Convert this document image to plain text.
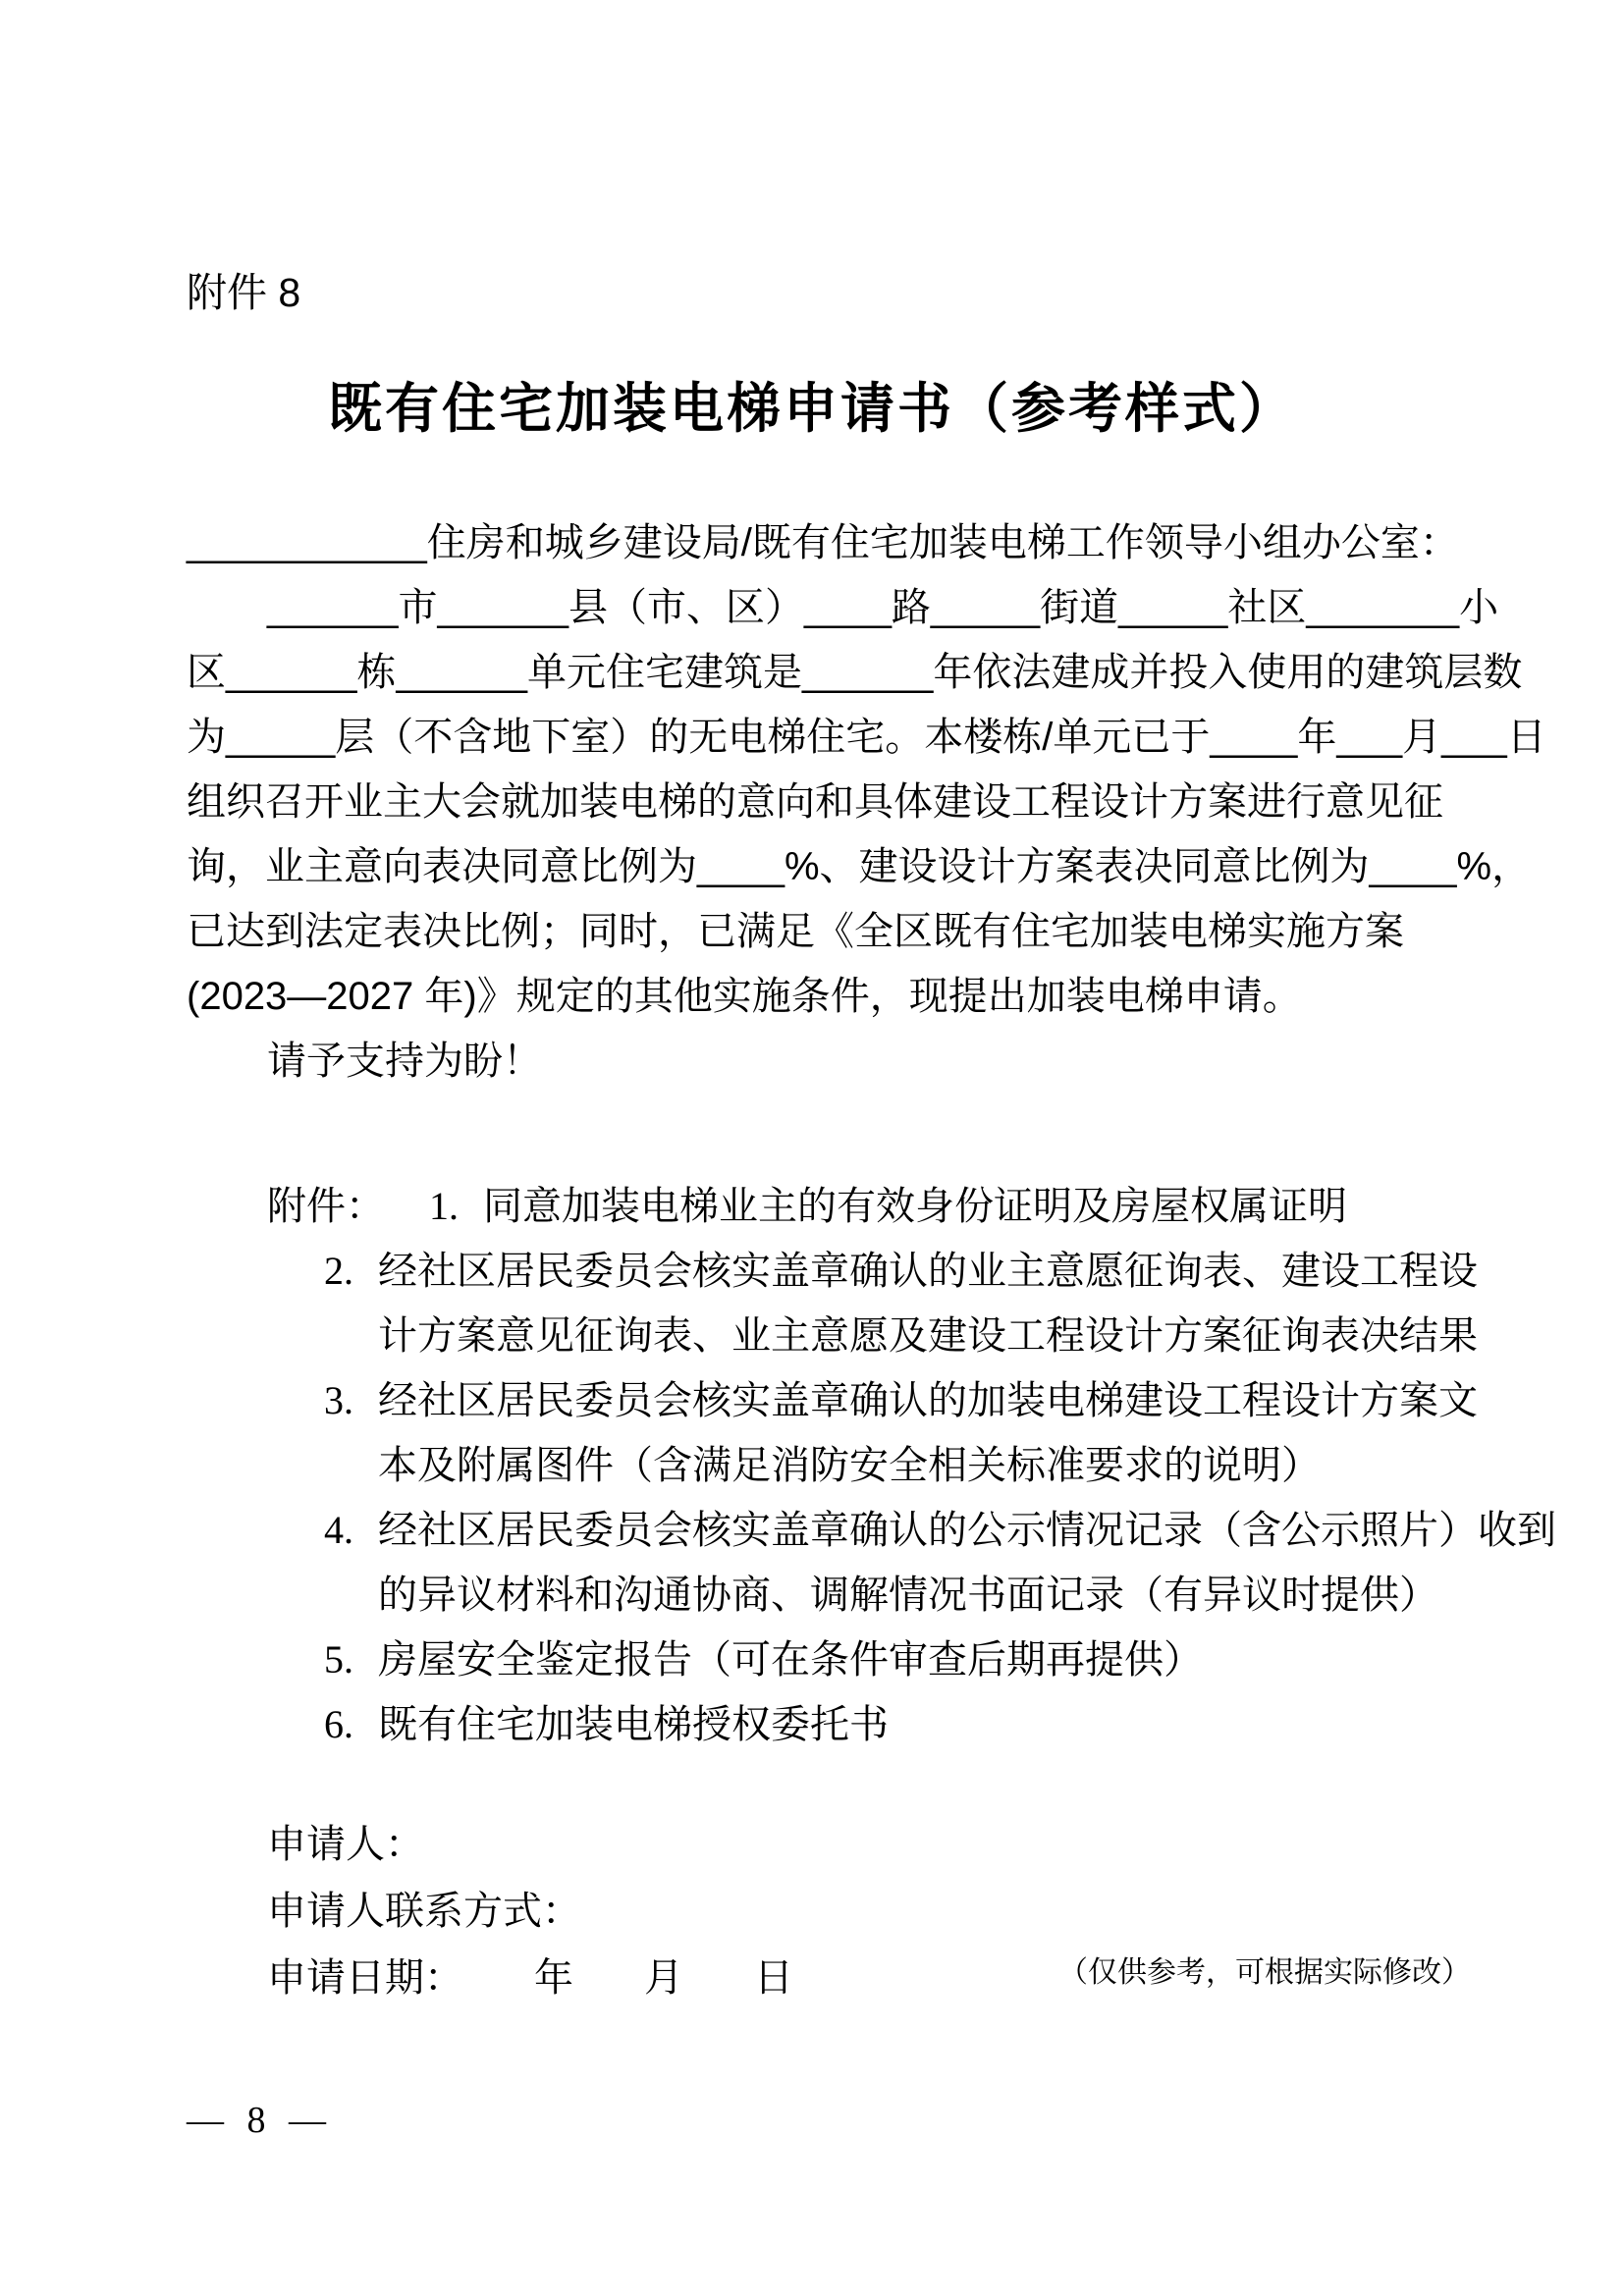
附件 8
既有住宅加装电梯申请书（参考样式）
___________住房和城乡建设局/既有住宅加装电梯工作领导小组办公室：
______市______县（市、区）____路_____街道_____社区_______小
区______栋______单元住宅建筑是______年依法建成并投入使用的建筑层数
为_____层（不含地下室）的无电梯住宅。本楼栋/单元已于____年___月___日
组织召开业主大会就加装电梯的意向和具体建设工程设计方案进行意见征
询，业主意向表决同意比例为____%、建设设计方案表决同意比例为____%，
已达到法定表决比例；同时，已满足《全区既有住宅加装电梯实施方案
(2023—2027 年)》规定的其他实施条件，现提出加装电梯申请。
请予支持为盼！
附件： 1. 同意加装电梯业主的有效身份证明及房屋权属证明
2. 经社区居民委员会核实盖章确认的业主意愿征询表、建设工程设
计方案意见征询表、业主意愿及建设工程设计方案征询表决结果
3. 经社区居民委员会核实盖章确认的加装电梯建设工程设计方案文
本及附属图件（含满足消防安全相关标准要求的说明）
4. 经社区居民委员会核实盖章确认的公示情况记录（含公示照片）收到
的异议材料和沟通协商、调解情况书面记录（有异议时提供）
5. 房屋安全鉴定报告（可在条件审查后期再提供）
6. 既有住宅加装电梯授权委托书
申请人：
申请人联系方式：
申请日期： 年 月 日	（仅供参考，可根据实际修改）
— 8 —
